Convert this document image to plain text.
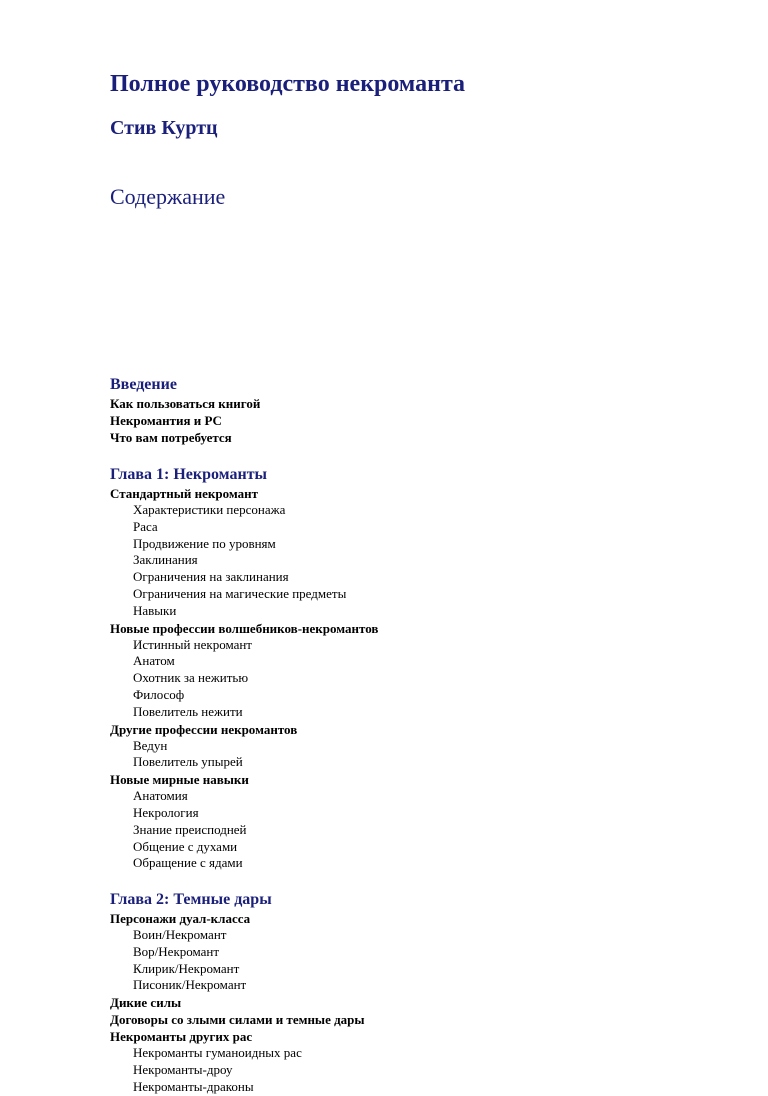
Полное руководство некроманта
Стив Куртц
Содержание
Введение
Как пользоваться книгой
Некромантия и PC
Что вам потребуется
Глава 1: Некроманты
Стандартный некромант
Характеристики персонажа
Раса
Продвижение по уровням
Заклинания
Ограничения на заклинания
Ограничения на магические предметы
Навыки
Новые профессии волшебников-некромантов
Истинный некромант
Анатом
Охотник за нежитью
Философ
Повелитель нежити
Другие профессии некромантов
Ведун
Повелитель упырей
Новые мирные навыки
Анатомия
Некрология
Знание преисподней
Общение с духами
Обращение с ядами
Глава 2: Темные дары
Персонажи дуал-класса
Воин/Некромант
Вор/Некромант
Клирик/Некромант
Писоник/Некромант
Дикие силы
Договоры со злыми силами и темные дары
Некроманты других рас
Некроманты гуманоидных рас
Некроманты-дроу
Некроманты-драконы
